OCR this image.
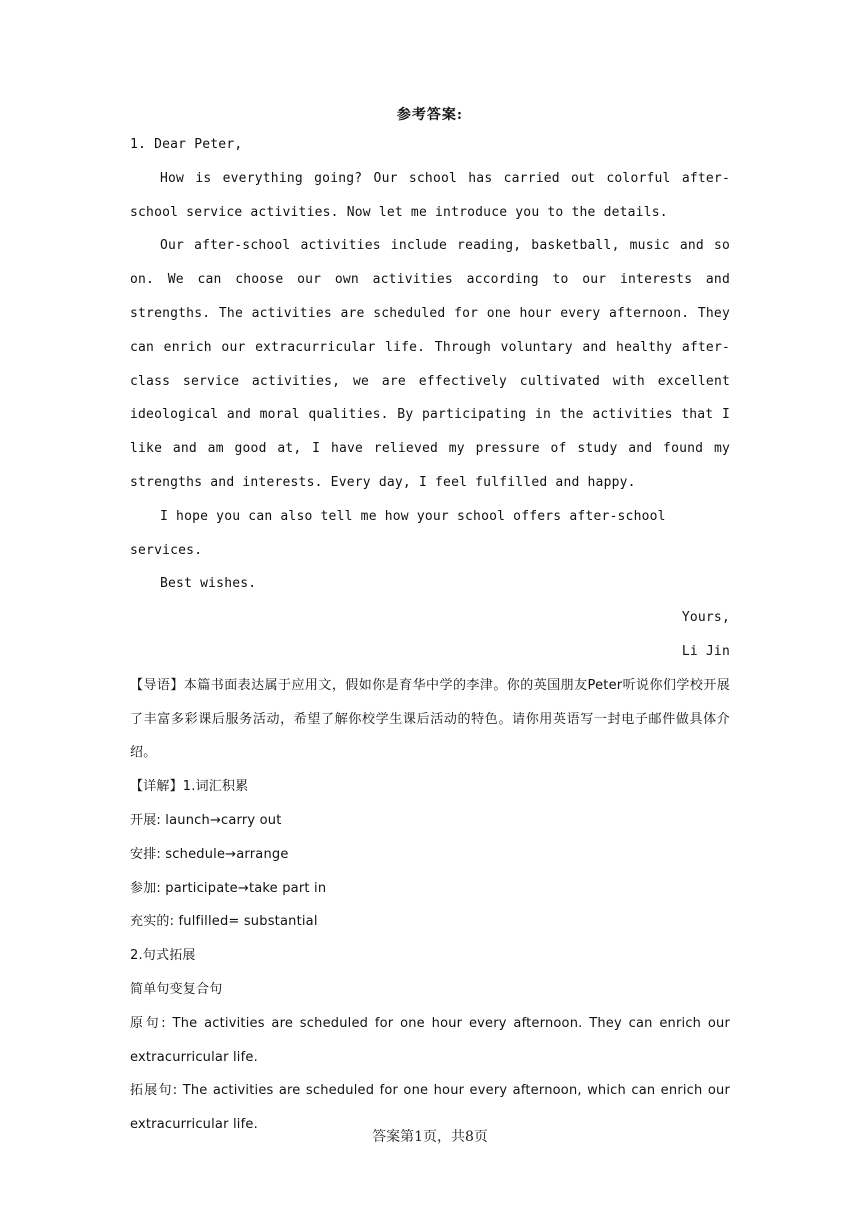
参考答案:

1. Dear Peter,

How is everything going? Our school has carried out colorful after-school service activities. Now let me introduce you to the details.

Our after-school activities include reading, basketball, music and so on. We can choose our own activities according to our interests and strengths. The activities are scheduled for one hour every afternoon. They can enrich our extracurricular life. Through voluntary and healthy after-class service activities, we are effectively cultivated with excellent ideological and moral qualities. By participating in the activities that I like and am good at, I have relieved my pressure of study and found my strengths and interests. Every day, I feel fulfilled and happy.

I hope you can also tell me how your school offers after-school services.

Best wishes.

Yours,

Li Jin

【导语】本篇书面表达属于应用文，假如你是育华中学的李津。你的英国朋友Peter听说你们学校开展了丰富多彩课后服务活动，希望了解你校学生课后活动的特色。请你用英语写一封电子邮件做具体介绍。

【详解】1.词汇积累

开展: launch→carry out

安排: schedule→arrange

参加: participate→take part in

充实的: fulfilled= substantial

2.句式拓展

简单句变复合句

原句: The activities are scheduled for one hour every afternoon. They can enrich our extracurricular life.

拓展句: The activities are scheduled for one hour every afternoon, which can enrich our extracurricular life.

答案第1页，共8页
